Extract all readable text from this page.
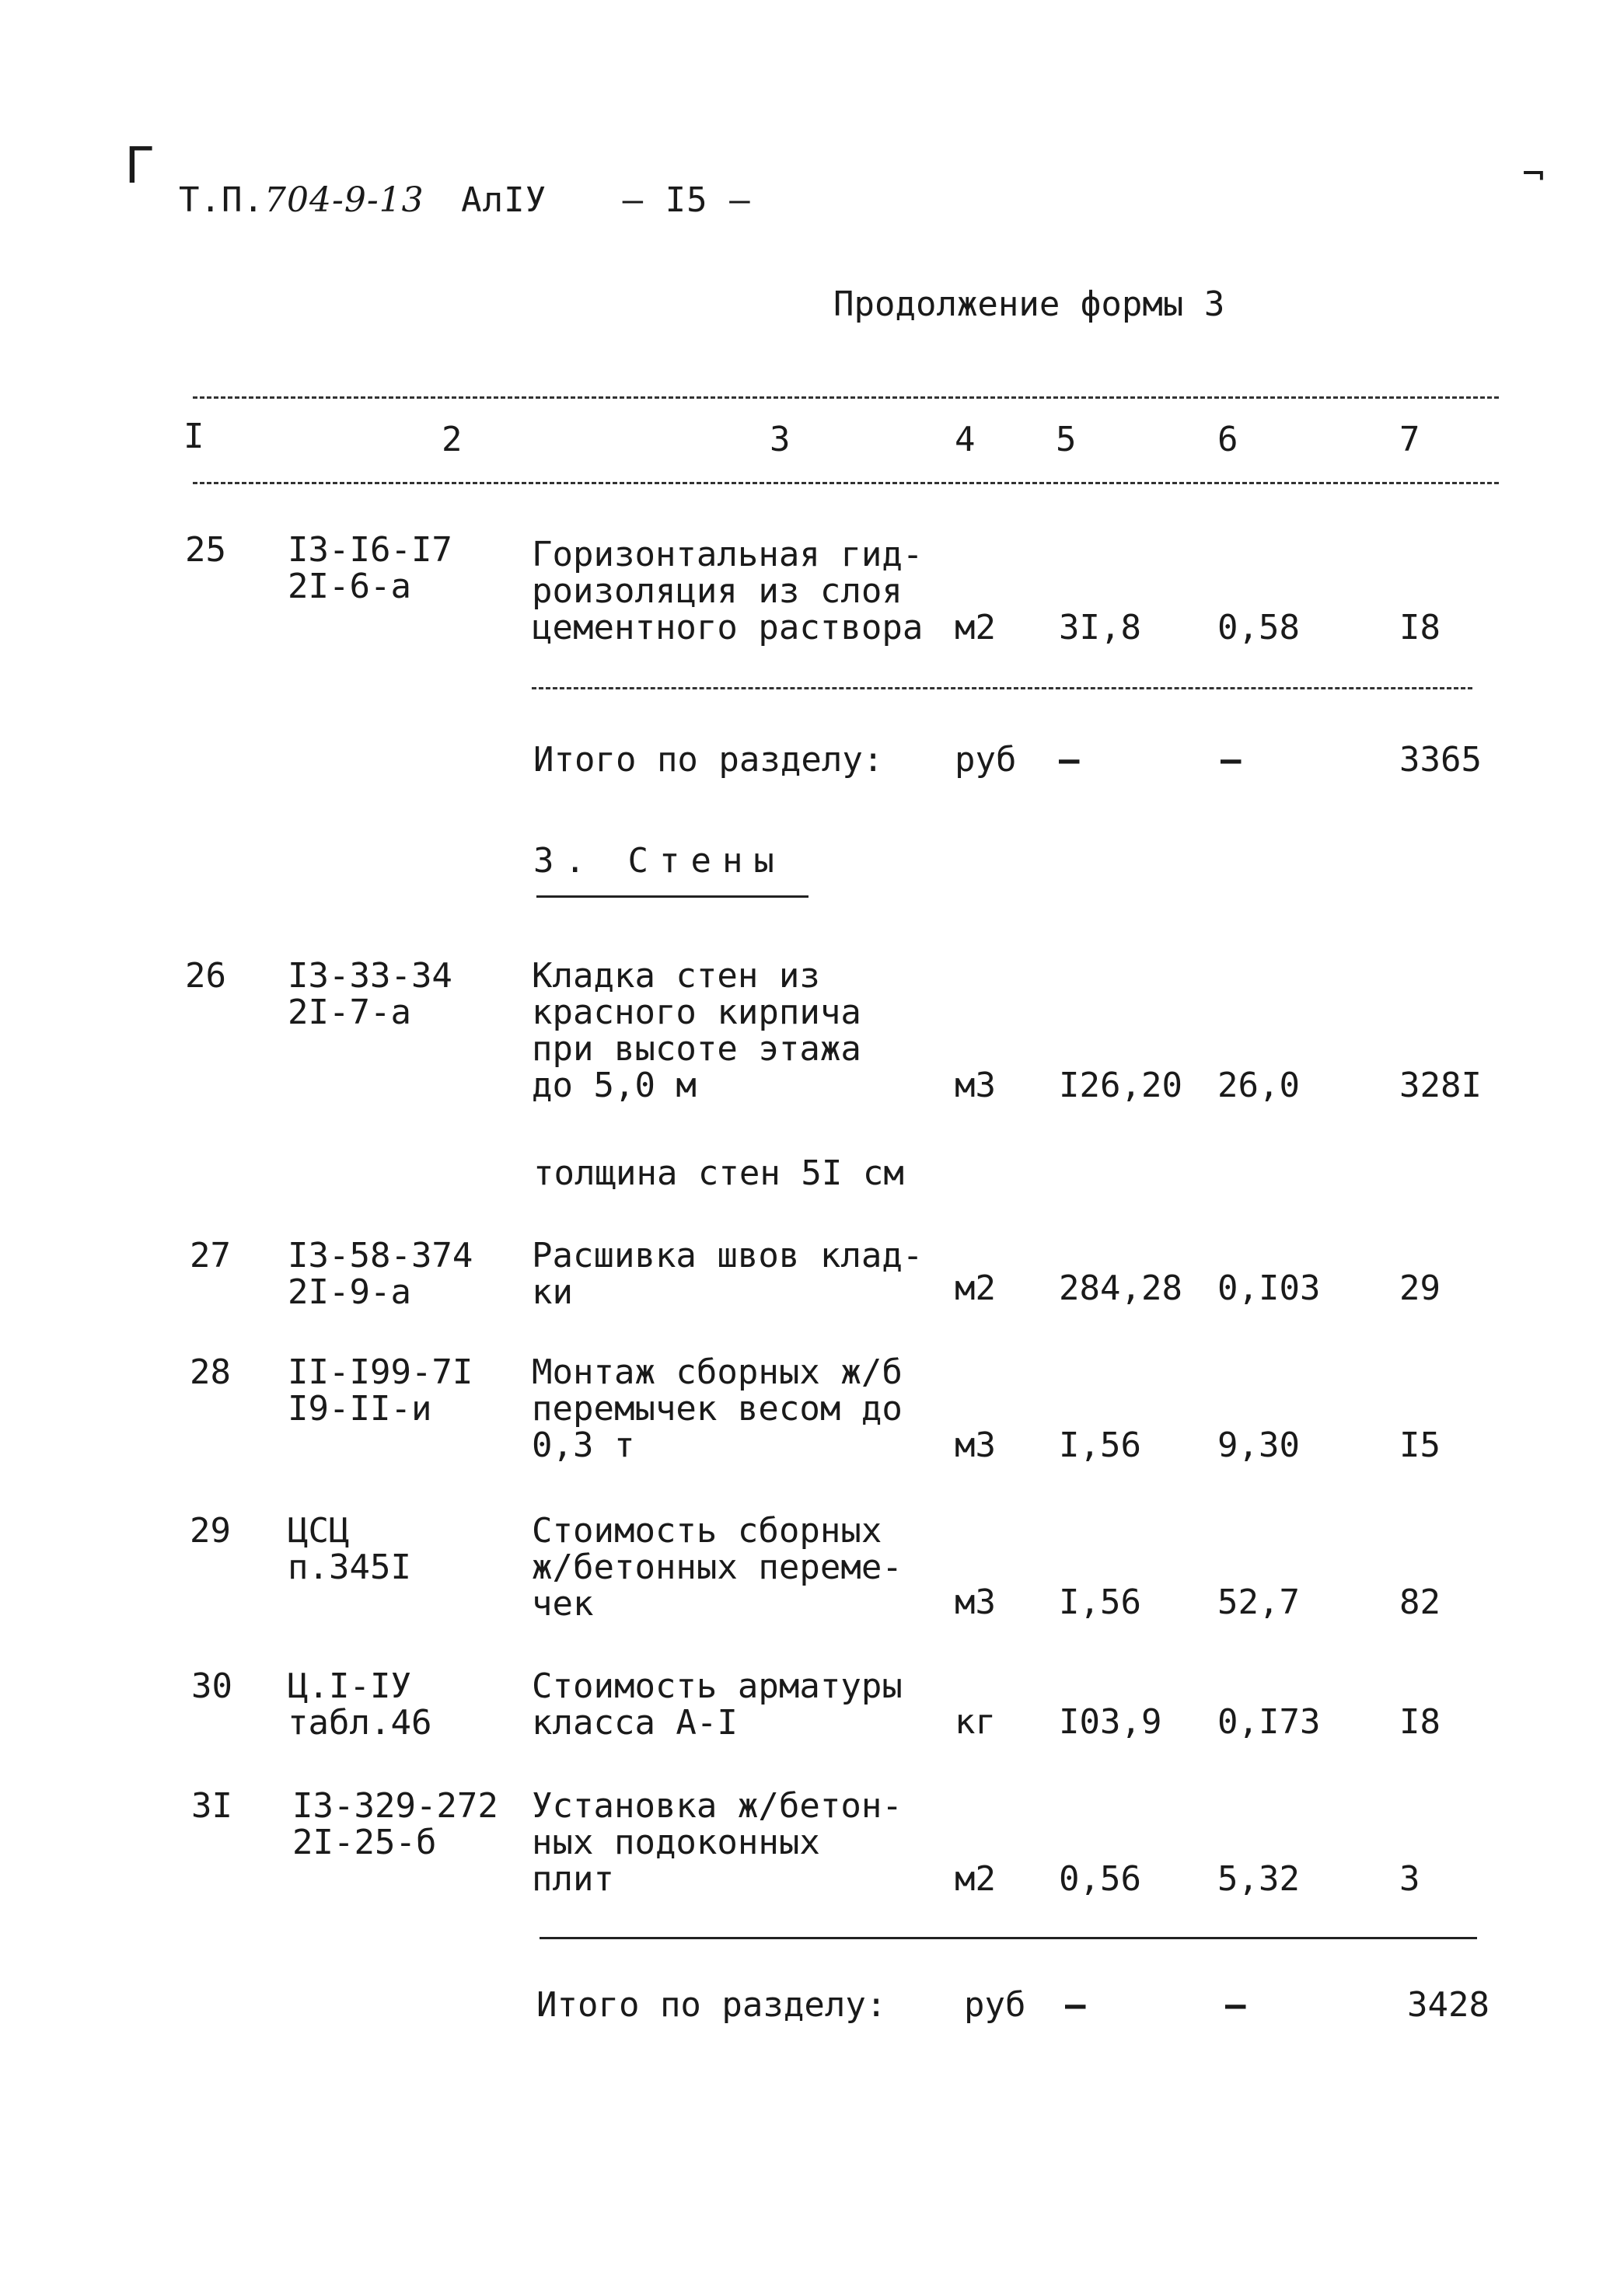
Г	¬
Т.П.704-9-13 АлIУ — I5 —
Продолжение формы 3
I	2	3	4 5	6	7
25 I3-I6-I7
2I-6-а
Горизонтальная гид-
роизоляция из слоя
цементного раствора м2 3I,8 0,58	I8
Итого по разделу: руб –	–	3365
3. Стены
26 I3-33-34
2I-7-а
Кладка стен из
красного кирпича
при высоте этажа
до 5,0 м	м3 I26,20 26,0	328I
толщина стен 5I см
27 I3-58-374
2I-9-а
Расшивка швов клад-
ки	м2 284,28 0,I03 29
28 II-I99-7I
I9-II-и
Монтаж сборных ж/б
перемычек весом до
0,3 т	м3 I,56 9,30	I5
29 ЦСЦ
п.345I
Стоимость сборных
ж/бетонных переме-
чек	м3 I,56 52,7	82
30 Ц.I-IУ
табл.46
Стоимость арматуры
класса А-I	кг I03,9 0,I73 I8
3I I3-329-272
2I-25-б
Установка ж/бетон-
ных подоконных
плит	м2 0,56 5,32	3
Итого по разделу: руб –	–	3428
